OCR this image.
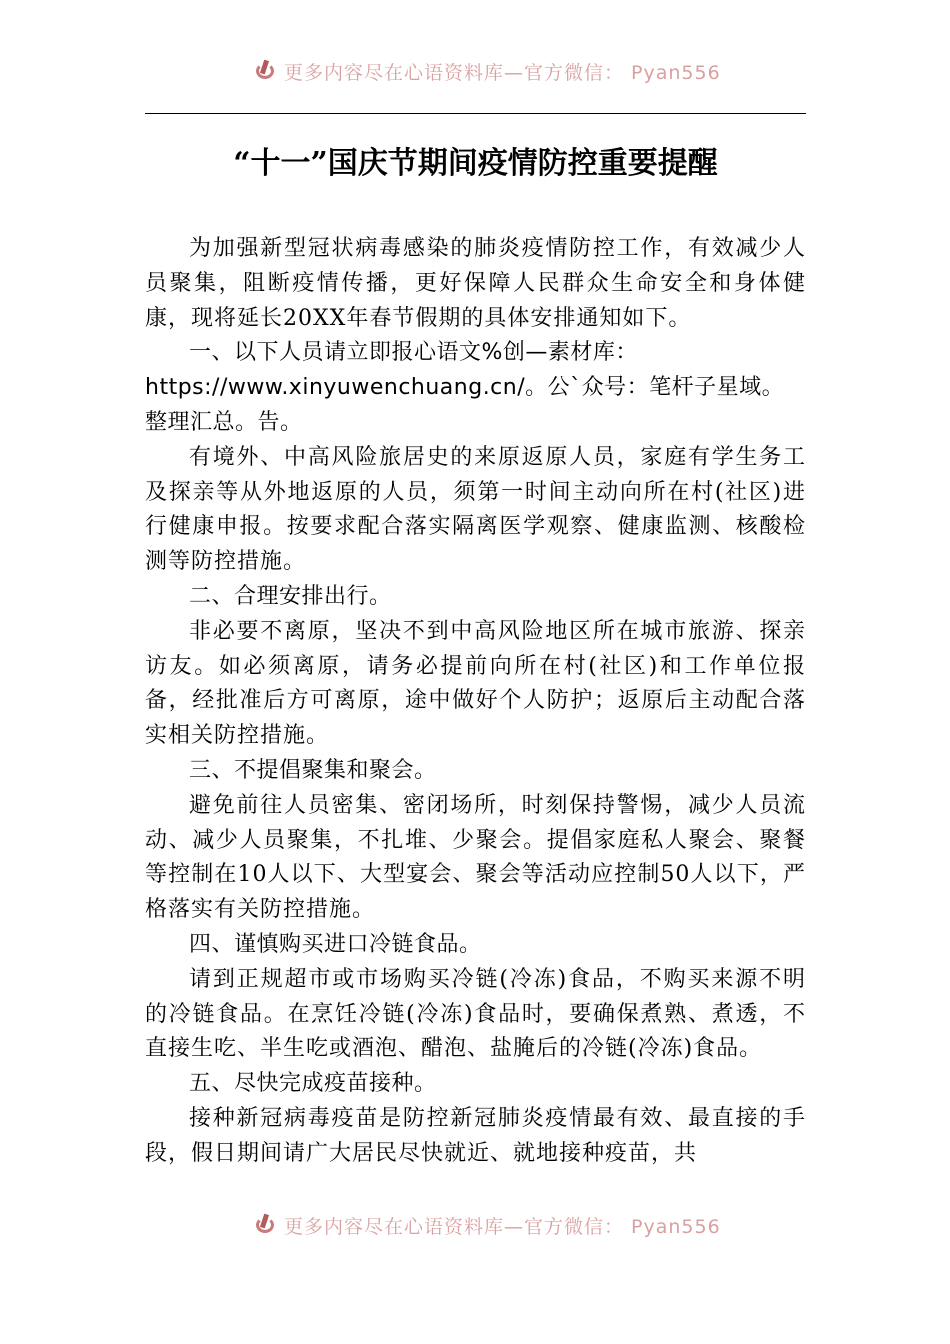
更多内容尽在心语资料库—官方微信： Pyan556
“十一”国庆节期间疫情防控重要提醒

为加强新型冠状病毒感染的肺炎疫情防控工作，有效减少人员聚集，阻断疫情传播，更好保障人民群众生命安全和身体健康，现将延长20XX年春节假期的具体安排通知如下。

一、以下人员请立即报心语文%创—素材库：https://www.xinyuwenchuang.cn/。公`众号：笔杆子星域。整理汇总。告。

有境外、中高风险旅居史的来原返原人员，家庭有学生务工及探亲等从外地返原的人员，须第一时间主动向所在村(社区)进行健康申报。按要求配合落实隔离医学观察、健康监测、核酸检测等防控措施。

二、合理安排出行。

非必要不离原，坚决不到中高风险地区所在城市旅游、探亲访友。如必须离原，请务必提前向所在村(社区)和工作单位报备，经批准后方可离原，途中做好个人防护；返原后主动配合落实相关防控措施。

三、不提倡聚集和聚会。

避免前往人员密集、密闭场所，时刻保持警惕，减少人员流动、减少人员聚集，不扎堆、少聚会。提倡家庭私人聚会、聚餐等控制在10人以下、大型宴会、聚会等活动应控制50人以下，严格落实有关防控措施。

四、谨慎购买进口冷链食品。

请到正规超市或市场购买冷链(冷冻)食品，不购买来源不明的冷链食品。在烹饪冷链(冷冻)食品时，要确保煮熟、煮透，不直接生吃、半生吃或酒泡、醋泡、盐腌后的冷链(冷冻)食品。

五、尽快完成疫苗接种。

接种新冠病毒疫苗是防控新冠肺炎疫情最有效、最直接的手段，假日期间请广大居民尽快就近、就地接种疫苗，共

更多内容尽在心语资料库—官方微信： Pyan556
